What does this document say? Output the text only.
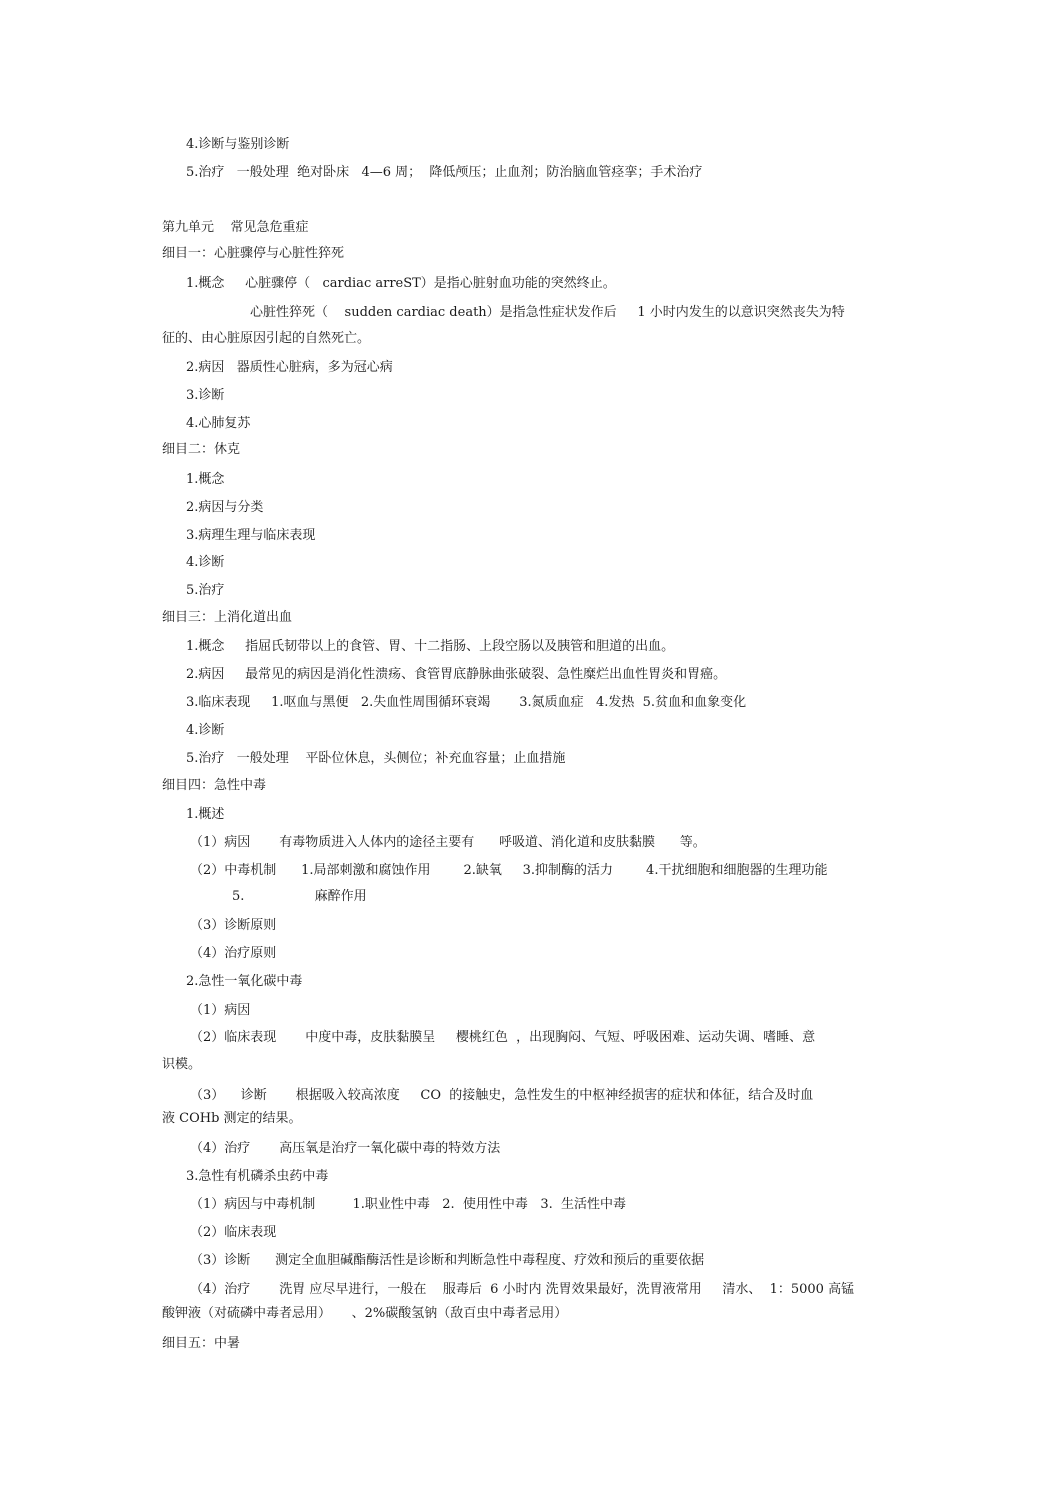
4.诊断与鉴别诊断
5.治疗   一般处理  绝对卧床   4—6 周；  降低颅压；止血剂；防治脑血管痉挛；手术治疗
第九单元    常见急危重症
细目一：心脏骤停与心脏性猝死
1.概念     心脏骤停（   cardiac arreST）是指心脏射血功能的突然终止。
心脏性猝死（    sudden cardiac death）是指急性症状发作后     1 小时内发生的以意识突然丧失为特
征的、由心脏原因引起的自然死亡。
2.病因   器质性心脏病，多为冠心病
3.诊断
4.心肺复苏
细目二：休克
1.概念
2.病因与分类
3.病理生理与临床表现
4.诊断
5.治疗
细目三：上消化道出血
1.概念     指屈氏韧带以上的食管、胃、十二指肠、上段空肠以及胰管和胆道的出血。
2.病因     最常见的病因是消化性溃疡、食管胃底静脉曲张破裂、急性糜烂出血性胃炎和胃癌。
3.临床表现     1.呕血与黑便   2.失血性周围循环衰竭       3.氮质血症   4.发热  5.贫血和血象变化
4.诊断
5.治疗   一般处理    平卧位休息，头侧位；补充血容量；止血措施
细目四：急性中毒
1.概述
（1）病因       有毒物质进入人体内的途径主要有      呼吸道、消化道和皮肤黏膜      等。
（2）中毒机制      1.局部刺激和腐蚀作用        2.缺氧     3.抑制酶的活力        4.干扰细胞和细胞器的生理功能
5.                 麻醉作用
（3）诊断原则
（4）治疗原则
2.急性一氧化碳中毒
（1）病因
（2）临床表现       中度中毒，皮肤黏膜呈     樱桃红色  ，出现胸闷、气短、呼吸困难、运动失调、嗜睡、意
识模。
（3）    诊断       根据吸入较高浓度     CO  的接触史，急性发生的中枢神经损害的症状和体征，结合及时血
液 COHb 测定的结果。
（4）治疗       高压氧是治疗一氧化碳中毒的特效方法
3.急性有机磷杀虫药中毒
（1）病因与中毒机制         1.职业性中毒   2.  使用性中毒   3.  生活性中毒
（2）临床表现
（3）诊断      测定全血胆碱酯酶活性是诊断和判断急性中毒程度、疗效和预后的重要依据
（4）治疗       洗胃 应尽早进行，一般在    服毒后  6 小时内 洗胃效果最好，洗胃液常用     清水、  1：5000 高锰
酸钾液（对硫磷中毒者忌用）     、2%碳酸氢钠（敌百虫中毒者忌用）
细目五：中暑
